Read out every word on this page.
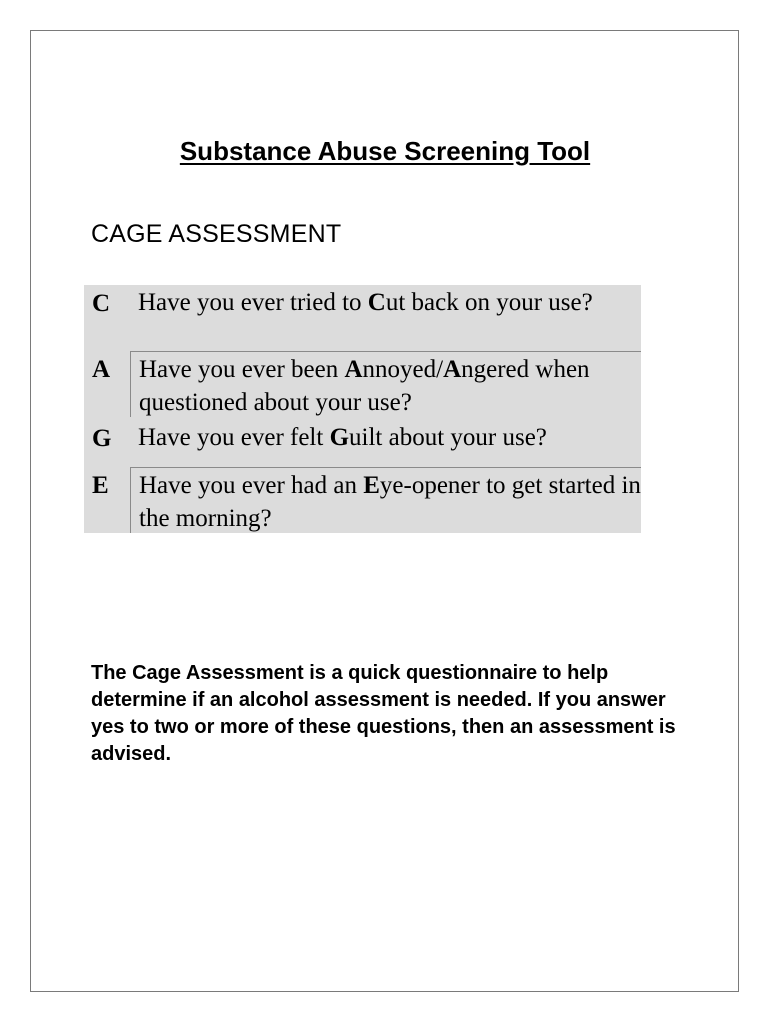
Substance Abuse Screening Tool
CAGE ASSESSMENT
C	Have you ever tried to Cut back on your use?
A	Have you ever been Annoyed/Angered when questioned about your use?
G	Have you ever felt Guilt about your use?
E	Have you ever had an Eye-opener to get started in the morning?

The Cage Assessment is a quick questionnaire to help determine if an alcohol assessment is needed. If you answer yes to two or more of these questions, then an assessment is advised.
